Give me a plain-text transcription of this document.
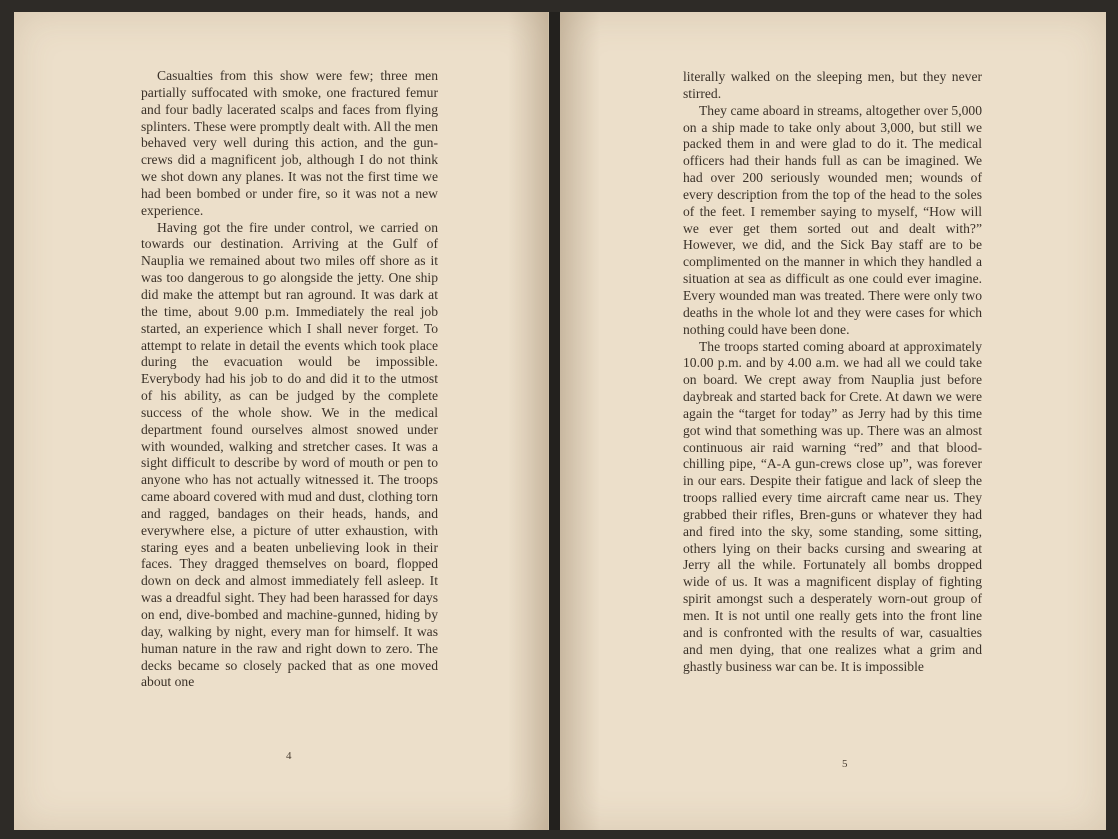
Casualties from this show were few; three men partially suffocated with smoke, one fractured femur and four badly lacerated scalps and faces from flying splinters. These were promptly dealt with. All the men behaved very well during this action, and the gun-crews did a magnificent job, although I do not think we shot down any planes. It was not the first time we had been bombed or under fire, so it was not a new experience.

Having got the fire under control, we carried on towards our destination. Arriving at the Gulf of Nauplia we remained about two miles off shore as it was too dangerous to go alongside the jetty. One ship did make the attempt but ran aground. It was dark at the time, about 9.00 p.m. Immediately the real job started, an experience which I shall never forget. To attempt to relate in detail the events which took place during the evacuation would be impossible. Everybody had his job to do and did it to the utmost of his ability, as can be judged by the complete success of the whole show. We in the medical department found ourselves almost snowed under with wounded, walking and stretcher cases. It was a sight difficult to describe by word of mouth or pen to anyone who has not actually witnessed it. The troops came aboard covered with mud and dust, clothing torn and ragged, bandages on their heads, hands, and everywhere else, a picture of utter exhaustion, with staring eyes and a beaten unbelieving look in their faces. They dragged themselves on board, flopped down on deck and almost immediately fell asleep. It was a dreadful sight. They had been harassed for days on end, dive-bombed and machine-gunned, hiding by day, walking by night, every man for himself. It was human nature in the raw and right down to zero. The decks became so closely packed that as one moved about one

4

literally walked on the sleeping men, but they never stirred.

They came aboard in streams, altogether over 5,000 on a ship made to take only about 3,000, but still we packed them in and were glad to do it. The medical officers had their hands full as can be imagined. We had over 200 seriously wounded men; wounds of every description from the top of the head to the soles of the feet. I remember saying to myself, “How will we ever get them sorted out and dealt with?” However, we did, and the Sick Bay staff are to be complimented on the manner in which they handled a situation at sea as difficult as one could ever imagine. Every wounded man was treated. There were only two deaths in the whole lot and they were cases for which nothing could have been done.

The troops started coming aboard at approximately 10.00 p.m. and by 4.00 a.m. we had all we could take on board. We crept away from Nauplia just before daybreak and started back for Crete. At dawn we were again the “target for today” as Jerry had by this time got wind that something was up. There was an almost continuous air raid warning “red” and that blood-chilling pipe, “A-A gun-crews close up”, was forever in our ears. Despite their fatigue and lack of sleep the troops rallied every time aircraft came near us. They grabbed their rifles, Bren-guns or whatever they had and fired into the sky, some standing, some sitting, others lying on their backs cursing and swearing at Jerry all the while. Fortunately all bombs dropped wide of us. It was a magnificent display of fighting spirit amongst such a desperately worn-out group of men. It is not until one really gets into the front line and is confronted with the results of war, casualties and men dying, that one realizes what a grim and ghastly business war can be. It is impossible

5
